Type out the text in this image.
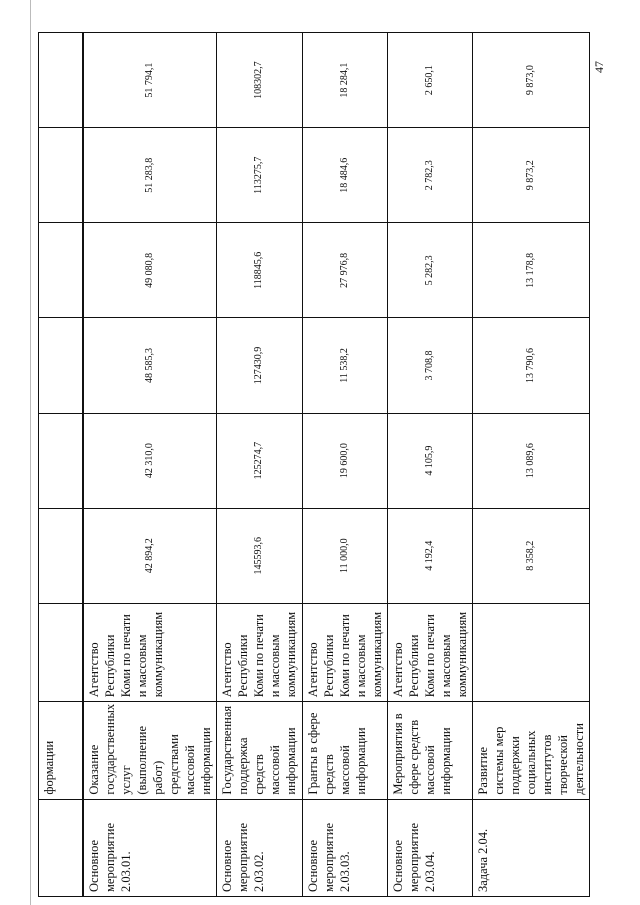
	формации							
Основное мероприятие 2.03.01.	Оказание государственных услуг (выполнение работ) средствами массовой информации	Агентство Республики Коми по печати и массовым коммуникациям	42 894,2	42 310,0	48 585,3	49 080,8	51 283,8	51 794,1
Основное мероприятие 2.03.02.	Государственная поддержка средств массовой информации	Агентство Республики Коми по печати и массовым коммуникациям	145593,6	125274,7	127430,9	118845,6	113275,7	108302,7
Основное мероприятие 2.03.03.	Гранты в сфере средств массовой информации	Агентство Республики Коми по печати и массовым коммуникациям	11 000,0	19 600,0	11 538,2	27 976,8	18 484,6	18 284,1
Основное мероприятие 2.03.04.	Мероприятия в сфере средств массовой информации	Агентство Республики Коми по печати и массовым коммуникациям	4 192,4	4 105,9	3 708,8	5 282,3	2 782,3	2 650,1
Задача 2.04.	Развитие системы мер поддержки социальных институтов творческой деятельности		8 358,2	13 089,6	13 790,6	13 178,8	9 873,2	9 873,0	47
